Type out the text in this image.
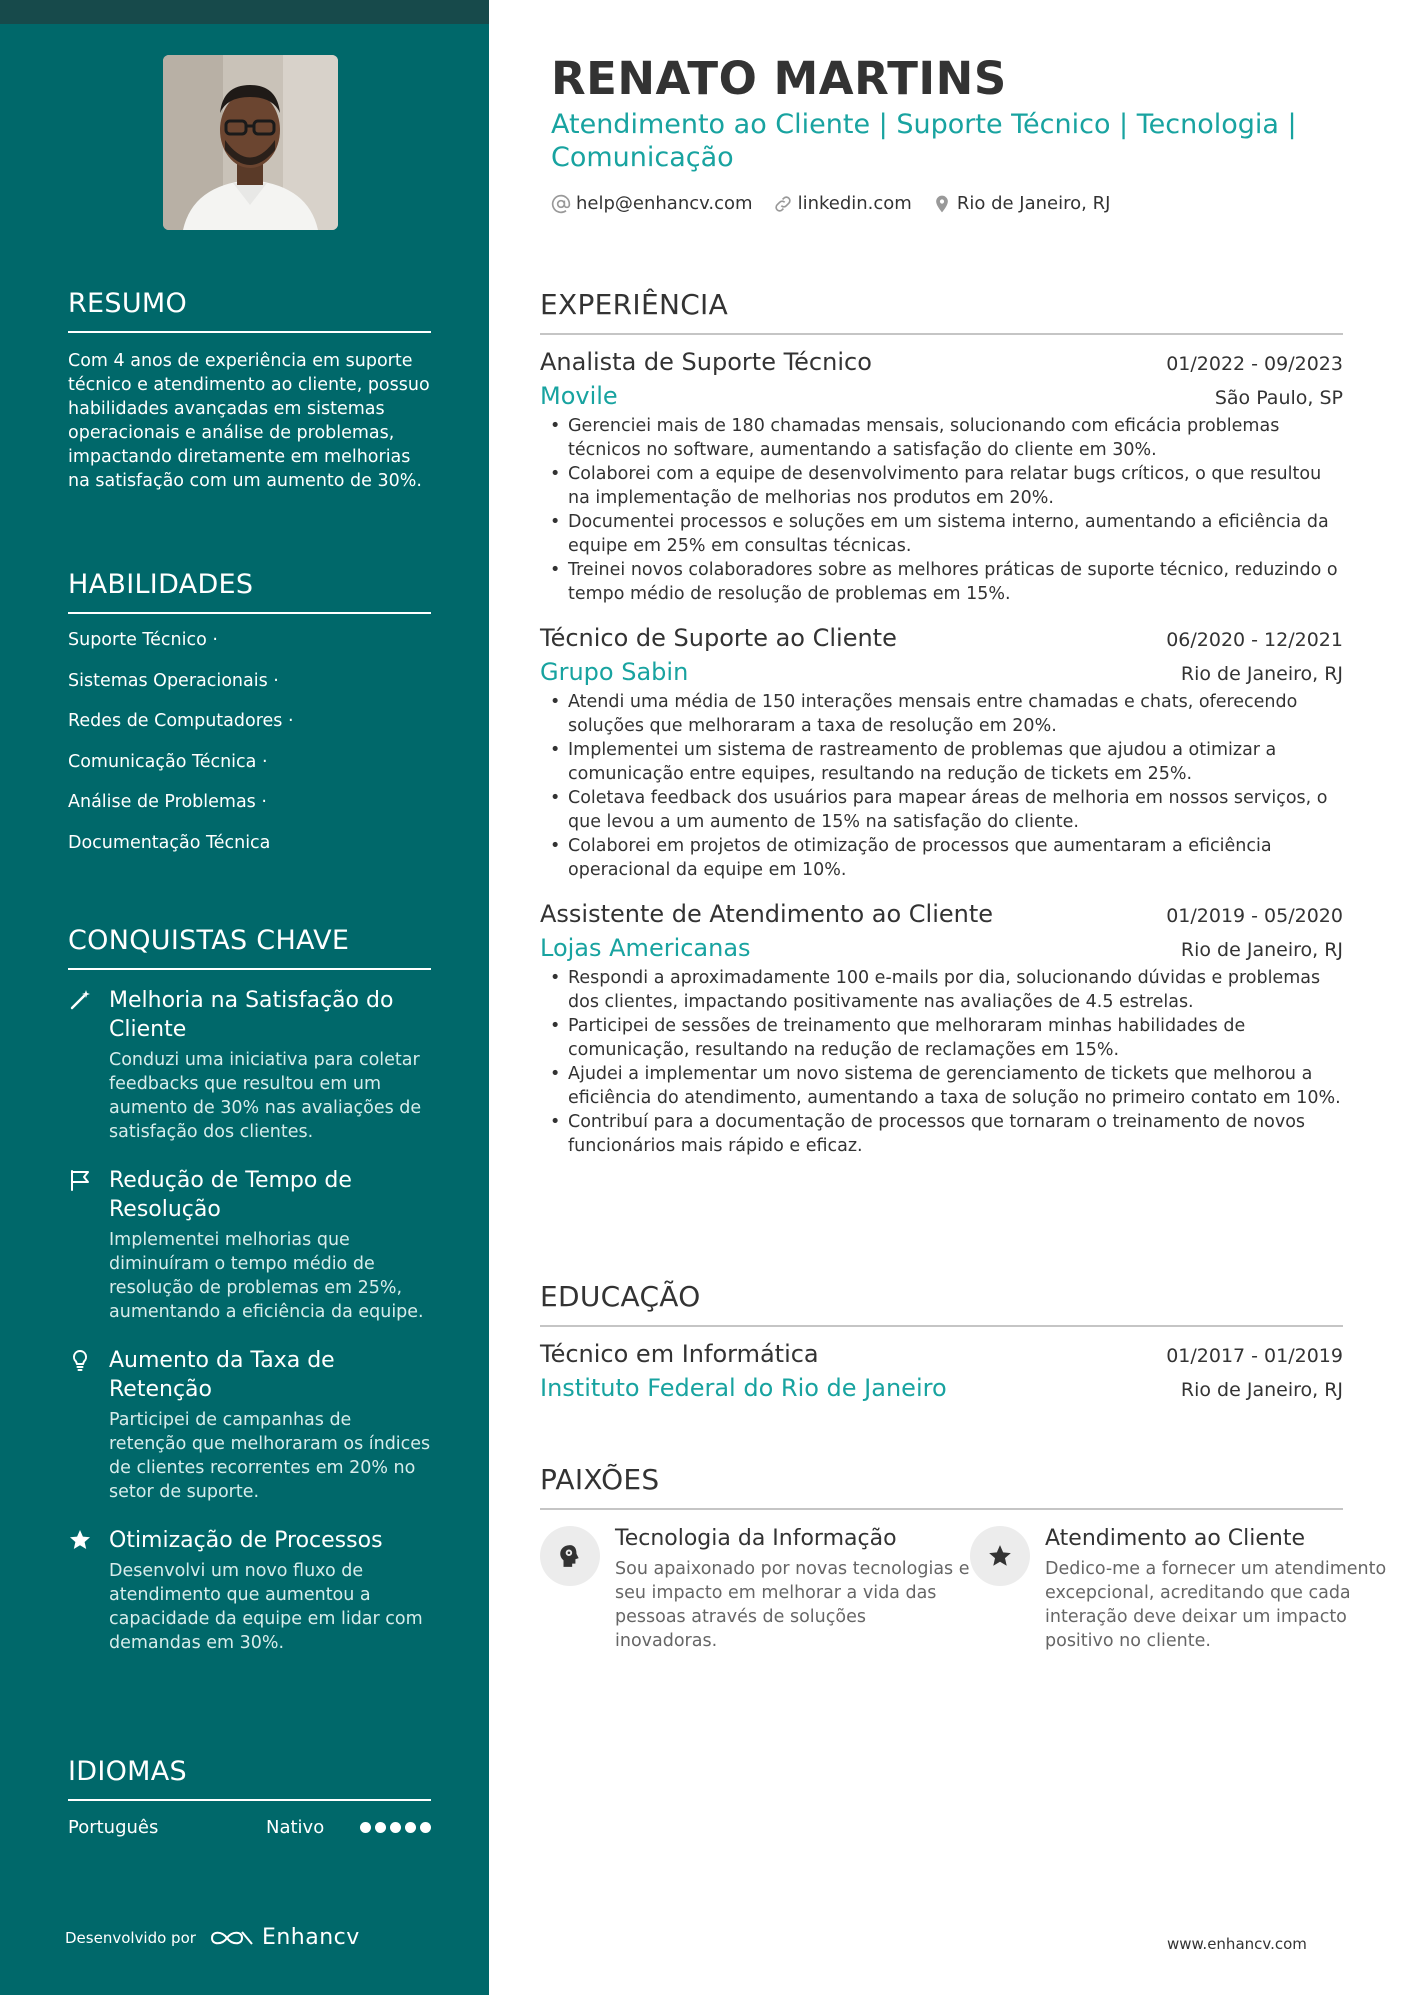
RESUMO
Com 4 anos de experiência em suporte técnico e atendimento ao cliente, possuo habilidades avançadas em sistemas operacionais e análise de problemas, impactando diretamente em melhorias na satisfação com um aumento de 30%.
HABILIDADES
Suporte Técnico ·
Sistemas Operacionais ·
Redes de Computadores ·
Comunicação Técnica ·
Análise de Problemas ·
Documentação Técnica
CONQUISTAS CHAVE
Melhoria na Satisfação do Cliente
Conduzi uma iniciativa para coletar feedbacks que resultou em um aumento de 30% nas avaliações de satisfação dos clientes.
Redução de Tempo de Resolução
Implementei melhorias que diminuíram o tempo médio de resolução de problemas em 25%, aumentando a eficiência da equipe.
Aumento da Taxa de Retenção
Participei de campanhas de retenção que melhoraram os índices de clientes recorrentes em 20% no setor de suporte.
Otimização de Processos
Desenvolvi um novo fluxo de atendimento que aumentou a capacidade da equipe em lidar com demandas em 30%.
IDIOMAS
Português	Nativo
Desenvolvido por	Enhancv
RENATO MARTINS
Atendimento ao Cliente | Suporte Técnico | Tecnologia | Comunicação
help@enhancv.com	linkedin.com	Rio de Janeiro, RJ
EXPERIÊNCIA
Analista de Suporte Técnico	01/2022 - 09/2023
Movile	São Paulo, SP
• Gerenciei mais de 180 chamadas mensais, solucionando com eficácia problemas técnicos no software, aumentando a satisfação do cliente em 30%.
• Colaborei com a equipe de desenvolvimento para relatar bugs críticos, o que resultou na implementação de melhorias nos produtos em 20%.
• Documentei processos e soluções em um sistema interno, aumentando a eficiência da equipe em 25% em consultas técnicas.
• Treinei novos colaboradores sobre as melhores práticas de suporte técnico, reduzindo o tempo médio de resolução de problemas em 15%.
Técnico de Suporte ao Cliente	06/2020 - 12/2021
Grupo Sabin	Rio de Janeiro, RJ
• Atendi uma média de 150 interações mensais entre chamadas e chats, oferecendo soluções que melhoraram a taxa de resolução em 20%.
• Implementei um sistema de rastreamento de problemas que ajudou a otimizar a comunicação entre equipes, resultando na redução de tickets em 25%.
• Coletava feedback dos usuários para mapear áreas de melhoria em nossos serviços, o que levou a um aumento de 15% na satisfação do cliente.
• Colaborei em projetos de otimização de processos que aumentaram a eficiência operacional da equipe em 10%.
Assistente de Atendimento ao Cliente	01/2019 - 05/2020
Lojas Americanas	Rio de Janeiro, RJ
• Respondi a aproximadamente 100 e-mails por dia, solucionando dúvidas e problemas dos clientes, impactando positivamente nas avaliações de 4.5 estrelas.
• Participei de sessões de treinamento que melhoraram minhas habilidades de comunicação, resultando na redução de reclamações em 15%.
• Ajudei a implementar um novo sistema de gerenciamento de tickets que melhorou a eficiência do atendimento, aumentando a taxa de solução no primeiro contato em 10%.
• Contribuí para a documentação de processos que tornaram o treinamento de novos funcionários mais rápido e eficaz.
EDUCAÇÃO
Técnico em Informática	01/2017 - 01/2019
Instituto Federal do Rio de Janeiro	Rio de Janeiro, RJ
PAIXÕES
Tecnologia da Informação
Sou apaixonado por novas tecnologias e seu impacto em melhorar a vida das pessoas através de soluções inovadoras.
Atendimento ao Cliente
Dedico-me a fornecer um atendimento excepcional, acreditando que cada interação deve deixar um impacto positivo no cliente.
www.enhancv.com
